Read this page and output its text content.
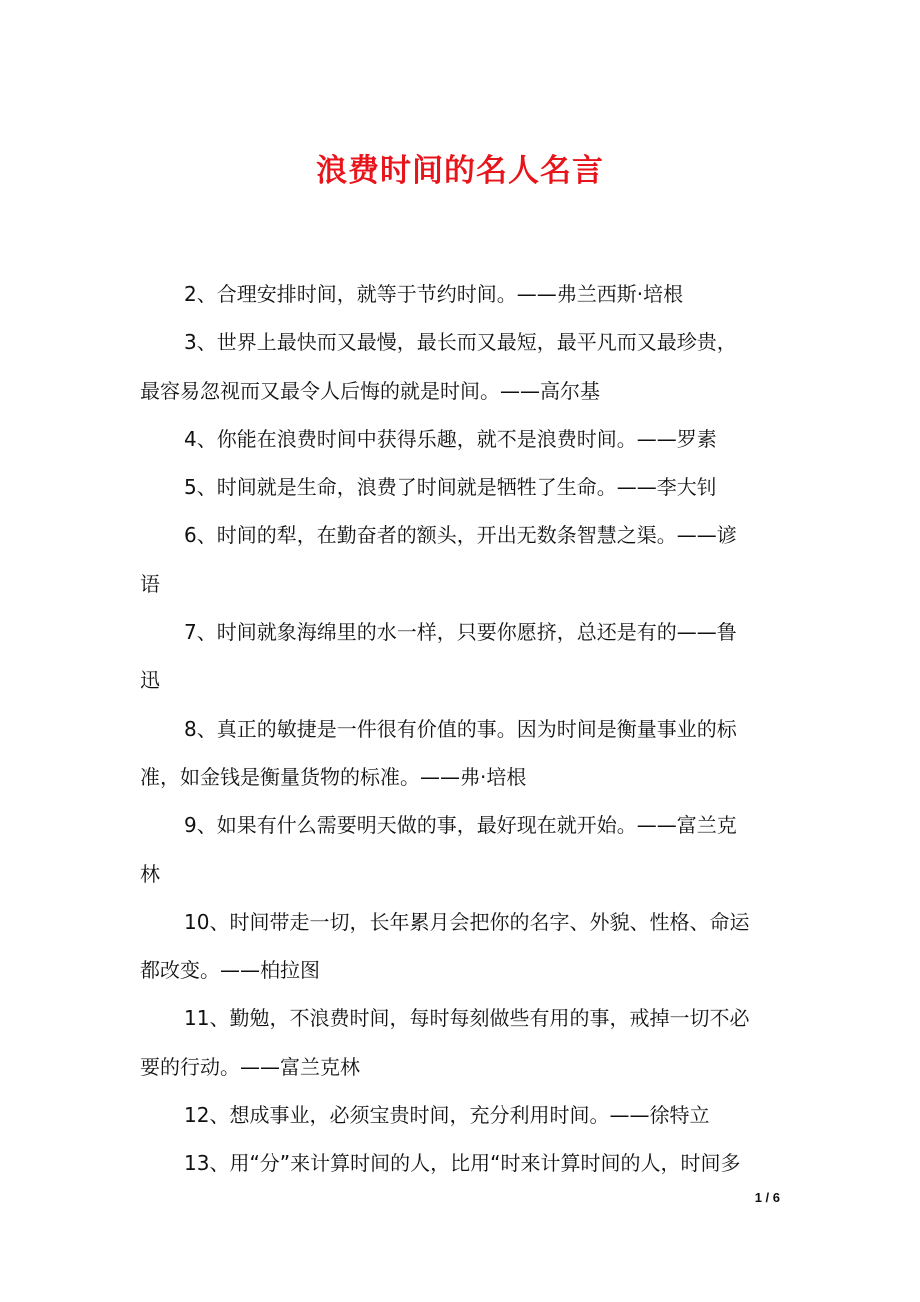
浪费时间的名人名言
2、合理安排时间，就等于节约时间。——弗兰西斯·培根
3、世界上最快而又最慢，最长而又最短，最平凡而又最珍贵，
最容易忽视而又最令人后悔的就是时间。——高尔基
4、你能在浪费时间中获得乐趣，就不是浪费时间。——罗素
5、时间就是生命，浪费了时间就是牺牲了生命。——李大钊
6、时间的犁，在勤奋者的额头，开出无数条智慧之渠。——谚
语
7、时间就象海绵里的水一样，只要你愿挤，总还是有的——鲁
迅
8、真正的敏捷是一件很有价值的事。因为时间是衡量事业的标
准，如金钱是衡量货物的标准。——弗·培根
9、如果有什么需要明天做的事，最好现在就开始。——富兰克
林
10、时间带走一切，长年累月会把你的名字、外貌、性格、命运
都改变。——柏拉图
11、勤勉，不浪费时间，每时每刻做些有用的事，戒掉一切不必
要的行动。——富兰克林
12、想成事业，必须宝贵时间，充分利用时间。——徐特立
13、用“分”来计算时间的人，比用“时来计算时间的人，时间多
1 / 6
